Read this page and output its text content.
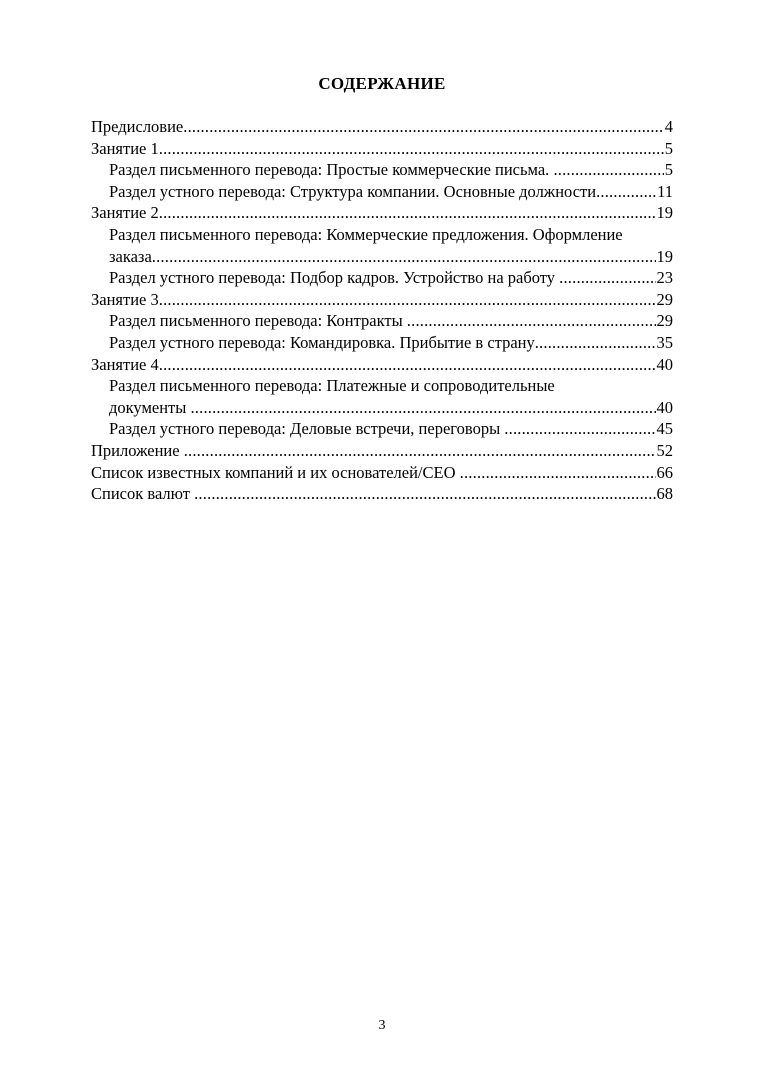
СОДЕРЖАНИЕ
Предисловие .....	4
Занятие 1 .....	5
Раздел письменного перевода: Простые коммерческие письма. .....	5
Раздел устного перевода: Структура компании. Основные должности .....	11
Занятие 2 .....	19
Раздел письменного перевода: Коммерческие предложения. Оформление
заказа .....	19
Раздел устного перевода: Подбор кадров. Устройство на работу .....	23
Занятие 3 .....	29
Раздел письменного перевода: Контракты .....	29
Раздел устного перевода: Командировка. Прибытие в страну .....	35
Занятие 4 .....	40
Раздел письменного перевода: Платежные и сопроводительные
документы .....	40
Раздел устного перевода: Деловые встречи, переговоры .....	45
Приложение .....	52
Список известных компаний и их основателей/CEO .....	66
Список валют .....	68
3
